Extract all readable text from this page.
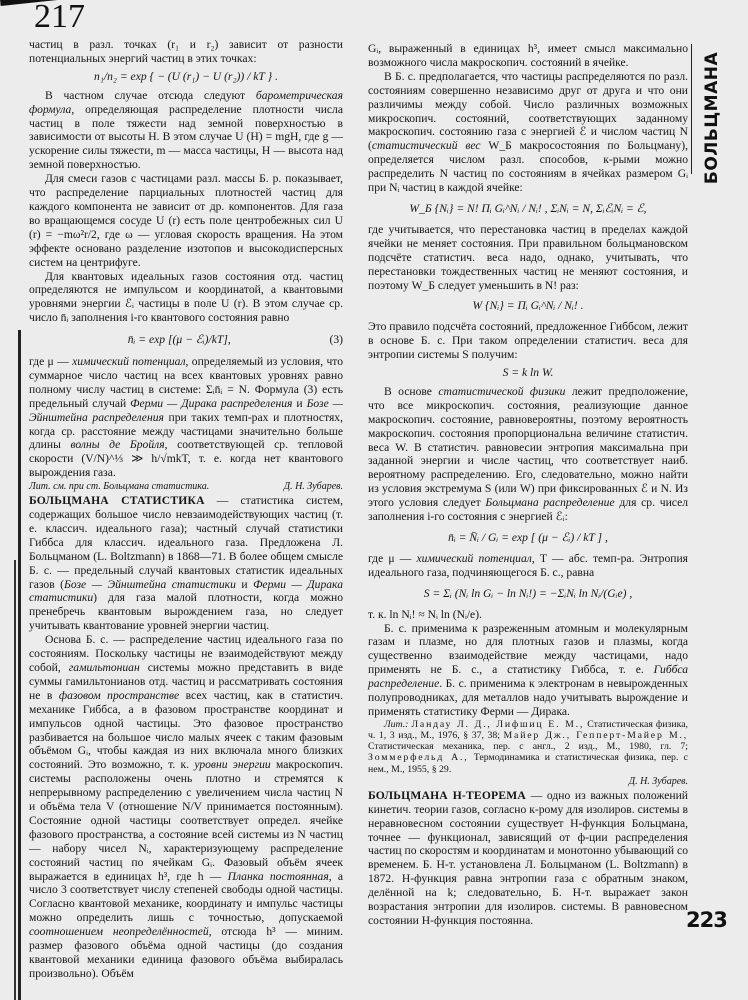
217
БОЛЬЦМАНА

частиц в разл. точках (r₁ и r₂) зависит от разности потенциальных энергий частиц в этих точках:

n₁/n₂ = exp { − (U (r₁) − U (r₂)) / kT } .

В частном случае отсюда следуют барометрическая формула, определяющая распределение плотности числа частиц в поле тяжести над земной поверхностью в зависимости от высоты H. В этом случае U (H) = mgH, где g — ускорение силы тяжести, m — масса частицы, H — высота над земной поверхностью.

Для смеси газов с частицами разл. массы Б. р. показывает, что распределение парциальных плотностей частиц для каждого компонента не зависит от др. компонентов. Для газа во вращающемся сосуде U (r) есть поле центробежных сил U (r) = −mω²r/2, где ω — угловая скорость вращения. На этом эффекте основано разделение изотопов и высокодисперсных систем на центрифуге.

Для квантовых идеальных газов состояния отд. частиц определяются не импульсом и координатой, а квантовыми уровнями энергии ℰᵢ частицы в поле U (r). В этом случае ср. число n̄ᵢ заполнения i-го квантового состояния равно

n̄ᵢ = exp [(μ − ℰᵢ)/kT],	(3)

где μ — химический потенциал, определяемый из условия, что суммарное число частиц на всех квантовых уровнях равно полному числу частиц в системе: Σᵢn̄ᵢ = N. Формула (3) есть предельный случай Ферми — Дирака распределения и Бозе — Эйнштейна распределения при таких темп-рах и плотностях, когда ср. расстояние между частицами значительно больше длины волны де Бройля, соответствующей ср. тепловой скорости (V/N)^⅓ ≫ h/√mkT, т. е. когда нет квантового вырождения газа.

Лит. см. при ст. Больцмана статистика.	Д. Н. Зубарев.

БОЛЬЦМАНА СТАТИСТИКА — статистика систем, содержащих большое число невзаимодействующих частиц (т. е. классич. идеального газа); частный случай статистики Гиббса для классич. идеального газа. Предложена Л. Больцманом (L. Boltzmann) в 1868—71. В более общем смысле Б. с. — предельный случай квантовых статистик идеальных газов (Бозе — Эйнштейна статистики и Ферми — Дирака статистики) для газа малой плотности, когда можно пренебречь квантовым вырождением газа, но следует учитывать квантование уровней энергии частиц.

Основа Б. с. — распределение частиц идеального газа по состояниям. Поскольку частицы не взаимодействуют между собой, гамильтониан системы можно представить в виде суммы гамильтонианов отд. частиц и рассматривать состояния не в фазовом пространстве всех частиц, как в статистич. механике Гиббса, а в фазовом пространстве координат и импульсов одной частицы. Это фазовое пространство разбивается на большое число малых ячеек с таким фазовым объёмом Gᵢ, чтобы каждая из них включала много близких состояний. Это возможно, т. к. уровни энергии макроскопич. системы расположены очень плотно и стремятся к непрерывному распределению с увеличением числа частиц N и объёма тела V (отношение N/V принимается постоянным). Состояние одной частицы соответствует определ. ячейке фазового пространства, а состояние всей системы из N частиц — набору чисел Nᵢ, характеризующему распределение состояний частиц по ячейкам Gᵢ. Фазовый объём ячеек выражается в единицах h³, где h — Планка постоянная, а число 3 соответствует числу степеней свободы одной частицы. Согласно квантовой механике, координату и импульс частицы можно определить лишь с точностью, допускаемой соотношением неопределённостей, отсюда h³ — миним. размер фазового объёма одной частицы (до создания квантовой механики единица фазового объёма выбиралась произвольно). Объём

Gᵢ, выраженный в единицах h³, имеет смысл максимально возможного числа макроскопич. состояний в ячейке.

В Б. с. предполагается, что частицы распределяются по разл. состояниям совершенно независимо друг от друга и что они различимы между собой. Число различных возможных микроскопич. состояний, соответствующих заданному макроскопич. состоянию газа с энергией ℰ и числом частиц N (статистический вес W_Б макросостояния по Больцману), определяется числом разл. способов, к-рыми можно распределить N частиц по состояниям в ячейках размером Gᵢ при Nᵢ частиц в каждой ячейке:

W_Б {Nᵢ} = N! Πᵢ Gᵢ^Nᵢ / Nᵢ! , ΣᵢNᵢ = N, ΣᵢℰᵢNᵢ = ℰ,

где учитывается, что перестановка частиц в пределах каждой ячейки не меняет состояния. При правильном больцмановском подсчёте статистич. веса надо, однако, учитывать, что перестановки тождественных частиц не меняют состояния, и поэтому W_Б следует уменьшить в N! раз:

W {Nᵢ} = Πᵢ Gᵢ^Nᵢ / Nᵢ! .

Это правило подсчёта состояний, предложенное Гиббсом, лежит в основе Б. с. При таком определении статистич. веса для энтропии системы S получим:

S = k ln W.

В основе статистической физики лежит предположение, что все микроскопич. состояния, реализующие данное макроскопич. состояние, равновероятны, поэтому вероятность макроскопич. состояния пропорциональна величине статистич. веса W. В статистич. равновесии энтропия максимальна при заданной энергии и числе частиц, что соответствует наиб. вероятному распределению. Его, следовательно, можно найти из условия экстремума S (или W) при фиксированных ℰ и N. Из этого условия следует Больцмана распределение для ср. чисел заполнения i-го состояния с энергией ℰᵢ:

n̄ᵢ = N̄ᵢ / Gᵢ = exp [ (μ − ℰᵢ) / kT ] ,

где μ — химический потенциал, T — абс. темп-ра. Энтропия идеального газа, подчиняющегося Б. с., равна

S = Σᵢ (Nᵢ ln Gᵢ − ln Nᵢ!) = −ΣᵢNᵢ ln Nᵢ/(Gᵢe) ,

т. к. ln Nᵢ! ≈ Nᵢ ln (Nᵢ/e).

Б. с. применима к разреженным атомным и молекулярным газам и плазме, но для плотных газов и плазмы, когда существенно взаимодействие между частицами, надо применять не Б. с., а статистику Гиббса, т. е. Гиббса распределение. Б. с. применима к электронам в невырожденных полупроводниках, для металлов надо учитывать вырождение и применять статистику Ферми — Дирака.

Лит.: Ландау Л. Д., Лифшиц Е. М., Статистическая физика, ч. 1, 3 изд., М., 1976, § 37, 38; Майер Дж., Гепперт-Майер М., Статистическая механика, пер. с англ., 2 изд., М., 1980, гл. 7; Зоммерфельд А., Термодинамика и статистическая физика, пер. с нем., М., 1955, § 29.

Д. Н. Зубарев.

БОЛЬЦМАНА H-ТЕОРЕМА — одно из важных положений кинетич. теории газов, согласно к-рому для изолиров. системы в неравновесном состоянии существует H-функция Больцмана, точнее — функционал, зависящий от ф-ции распределения частиц по скоростям и координатам и монотонно убывающий со временем. Б. H-т. установлена Л. Больцманом (L. Boltzmann) в 1872. H-функция равна энтропии газа с обратным знаком, делённой на k; следовательно, Б. H-т. выражает закон возрастания энтропии для изолиров. системы. В равновесном состоянии H-функция постоянна.	223
